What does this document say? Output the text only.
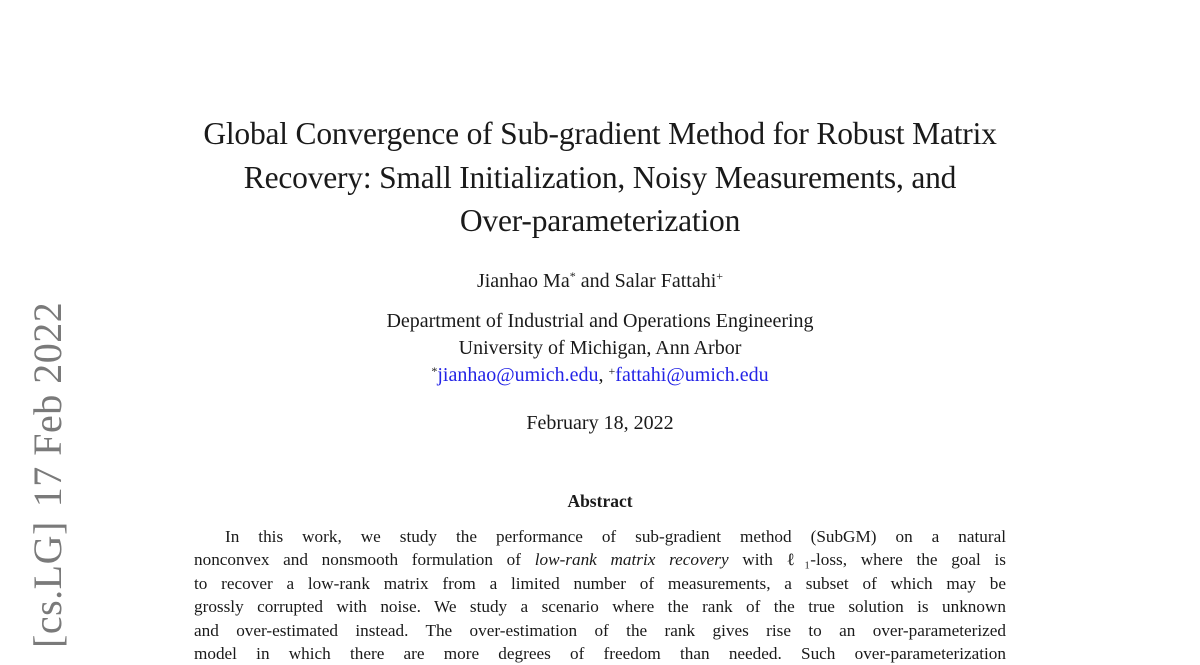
[cs.LG]17 Feb 2022
Global Convergence of Sub-gradient Method for Robust Matrix
Recovery: Small Initialization, Noisy Measurements, and
Over-parameterization
Jianhao Ma* and Salar Fattahi+
Department of Industrial and Operations Engineering
University of Michigan, Ann Arbor
*jianhao@umich.edu, +fattahi@umich.edu
February 18, 2022
Abstract
In this work, we study the performance of sub-gradient method (SubGM) on a natural
nonconvex and nonsmooth formulation of low-rank matrix recovery with ℓ₁-loss, where the goal is
to recover a low-rank matrix from a limited number of measurements, a subset of which may be
grossly corrupted with noise. We study a scenario where the rank of the true solution is unknown
and over-estimated instead. The over-estimation of the rank gives rise to an over-parameterized
model in which there are more degrees of freedom than needed. Such over-parameterization
